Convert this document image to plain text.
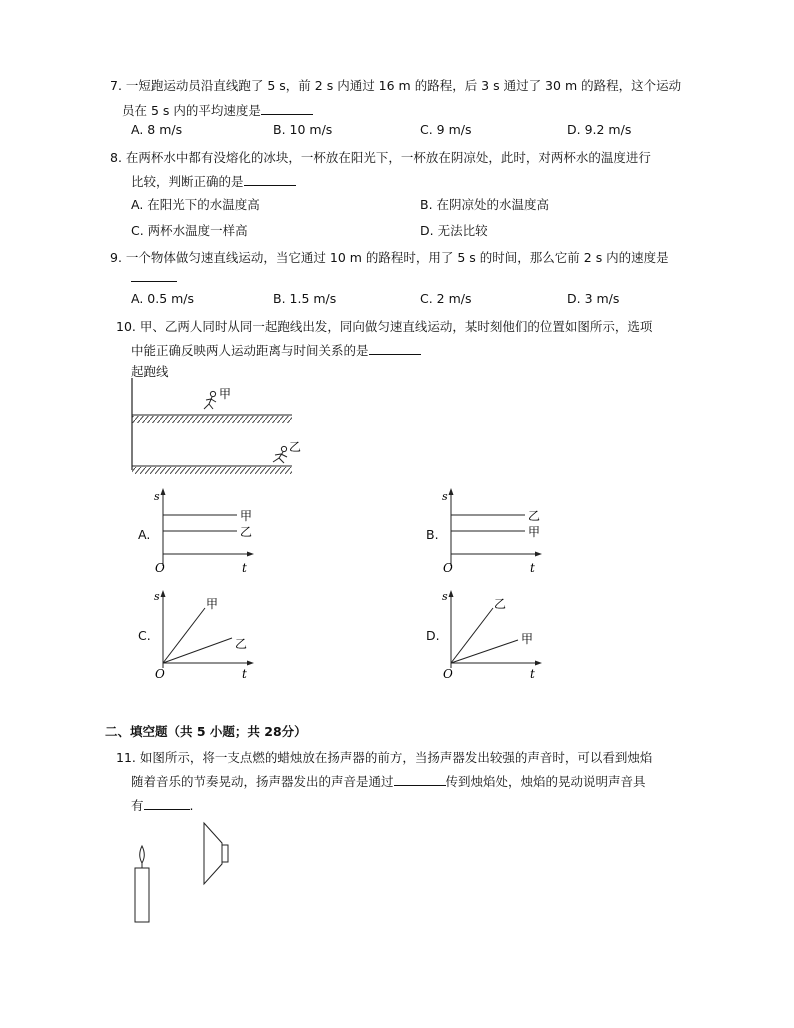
7. 一短跑运动员沿直线跑了 5 s，前 2 s 内通过 16 m 的路程，后 3 s 通过了 30 m 的路程，这个运动
员在 5 s 内的平均速度是
A. 8 m/s	B. 10 m/s	C. 9 m/s	D. 9.2 m/s
8. 在两杯水中都有没熔化的冰块，一杯放在阳光下，一杯放在阴凉处，此时，对两杯水的温度进行
比较，判断正确的是
A. 在阳光下的水温度高	B. 在阴凉处的水温度高
C. 两杯水温度一样高	D. 无法比较
9. 一个物体做匀速直线运动，当它通过 10 m 的路程时，用了 5 s 的时间，那么它前 2 s 内的速度是
A. 0.5 m/s	B. 1.5 m/s	C. 2 m/s	D. 3 m/s
10. 甲、乙两人同时从同一起跑线出发，同向做匀速直线运动，某时刻他们的位置如图所示，选项
中能正确反映两人运动距离与时间关系的是
起跑线
甲
乙
A.
s
t
O
甲
乙	B.
s
t
O
乙
甲
C.
s
t
O
甲
乙
D.
s
t
O
乙
甲
二、填空题（共 5 小题；共 28分）
11. 如图所示，将一支点燃的蜡烛放在扬声器的前方，当扬声器发出较强的声音时，可以看到烛焰
随着音乐的节奏晃动，扬声器发出的声音是通过	传到烛焰处，烛焰的晃动说明声音具
有	.
